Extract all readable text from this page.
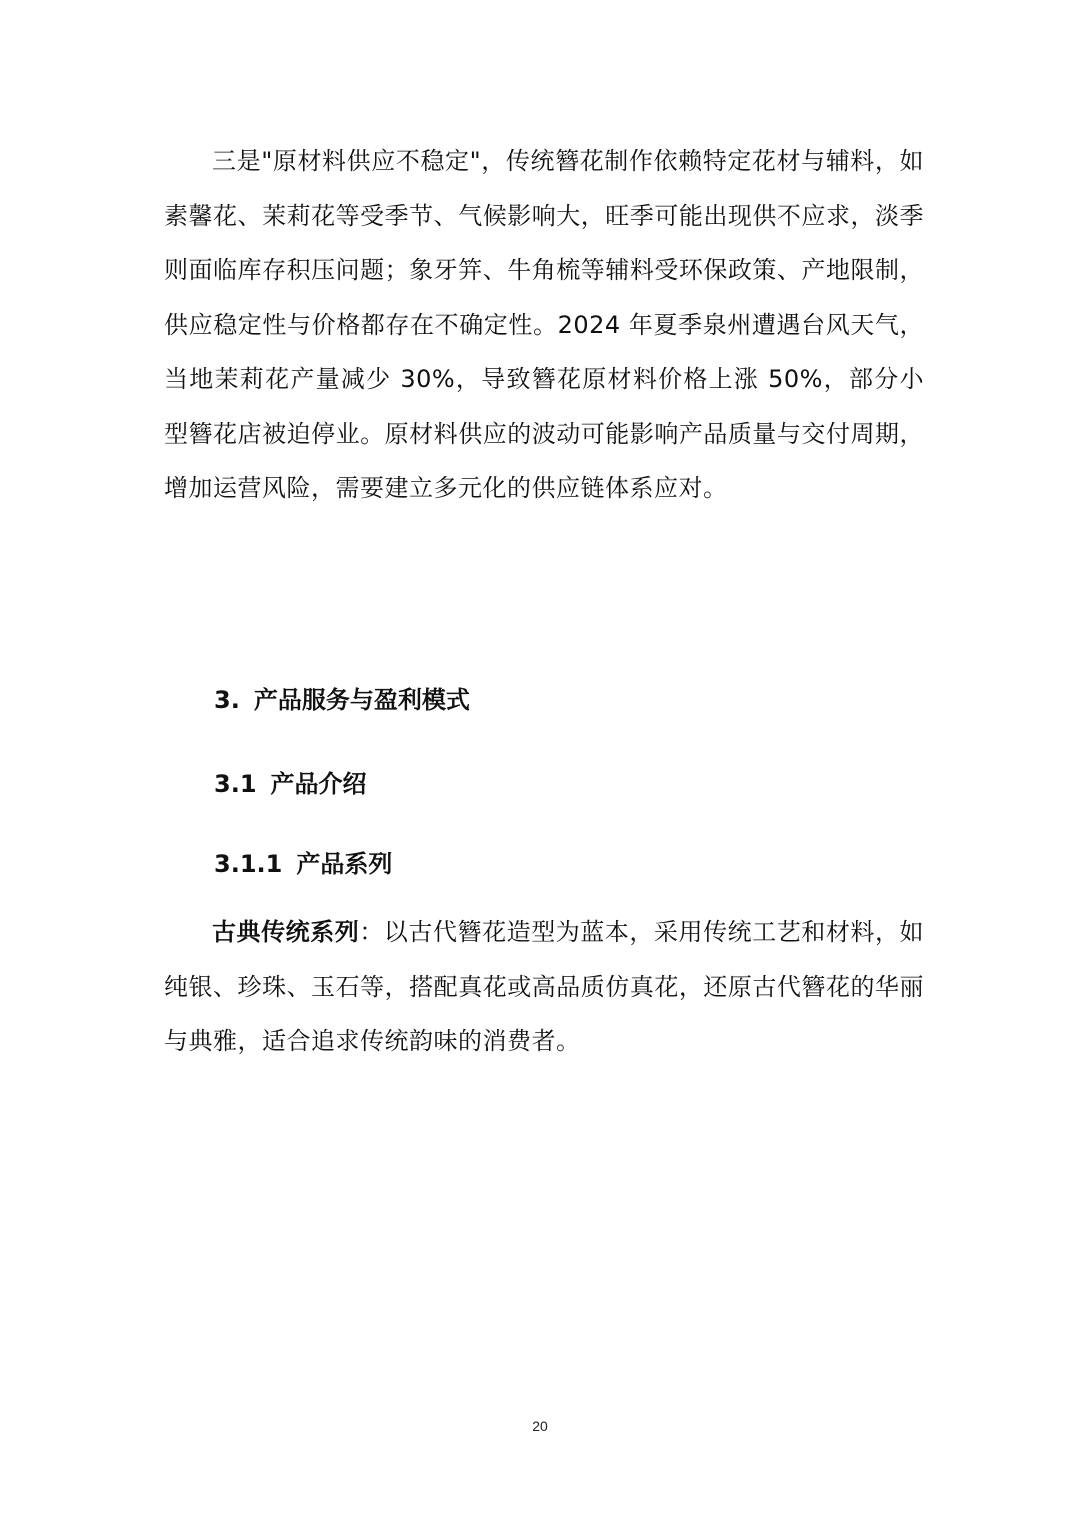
三是"原材料供应不稳定"，传统簪花制作依赖特定花材与辅料，如素馨花、茉莉花等受季节、气候影响大，旺季可能出现供不应求，淡季则面临库存积压问题；象牙笄、牛角梳等辅料受环保政策、产地限制，供应稳定性与价格都存在不确定性。2024 年夏季泉州遭遇台风天气，当地茉莉花产量减少 30%，导致簪花原材料价格上涨 50%，部分小型簪花店被迫停业。原材料供应的波动可能影响产品质量与交付周期，增加运营风险，需要建立多元化的供应链体系应对。

3. 产品服务与盈利模式
3.1 产品介绍
3.1.1 产品系列

古典传统系列：以古代簪花造型为蓝本，采用传统工艺和材料，如纯银、珍珠、玉石等，搭配真花或高品质仿真花，还原古代簪花的华丽与典雅，适合追求传统韵味的消费者。

20
